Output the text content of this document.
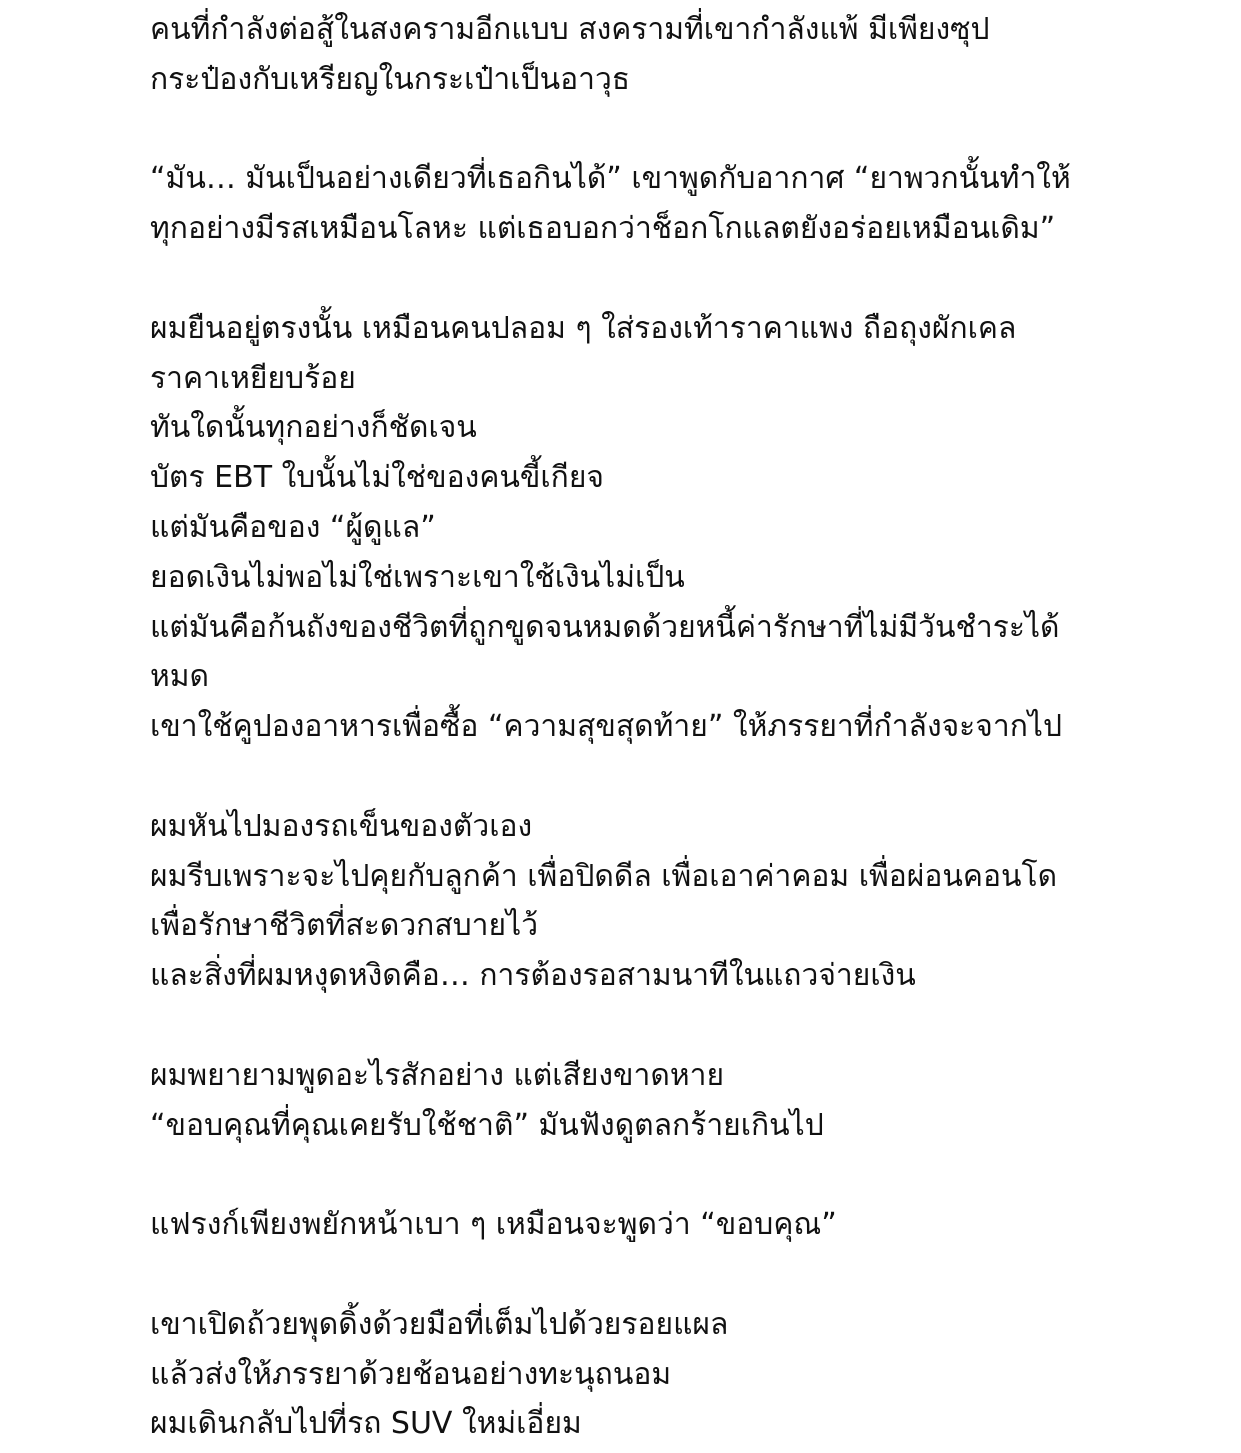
คนที่กำลังต่อสู้ในสงครามอีกแบบ สงครามที่เขากำลังแพ้ มีเพียงซุป
กระป๋องกับเหรียญในกระเป๋าเป็นอาวุธ
“มัน… มันเป็นอย่างเดียวที่เธอกินได้” เขาพูดกับอากาศ “ยาพวกนั้นทำให้
ทุกอย่างมีรสเหมือนโลหะ แต่เธอบอกว่าช็อกโกแลตยังอร่อยเหมือนเดิม”
ผมยืนอยู่ตรงนั้น เหมือนคนปลอม ๆ ใส่รองเท้าราคาแพง ถือถุงผักเคล
ราคาเหยียบร้อย
ทันใดนั้นทุกอย่างก็ชัดเจน
บัตร EBT ใบนั้นไม่ใช่ของคนขี้เกียจ
แต่มันคือของ “ผู้ดูแล”
ยอดเงินไม่พอไม่ใช่เพราะเขาใช้เงินไม่เป็น
แต่มันคือก้นถังของชีวิตที่ถูกขูดจนหมดด้วยหนี้ค่ารักษาที่ไม่มีวันชำระได้
หมด
เขาใช้คูปองอาหารเพื่อซื้อ “ความสุขสุดท้าย” ให้ภรรยาที่กำลังจะจากไป
ผมหันไปมองรถเข็นของตัวเอง
ผมรีบเพราะจะไปคุยกับลูกค้า เพื่อปิดดีล เพื่อเอาค่าคอม เพื่อผ่อนคอนโด
เพื่อรักษาชีวิตที่สะดวกสบายไว้
และสิ่งที่ผมหงุดหงิดคือ… การต้องรอสามนาทีในแถวจ่ายเงิน
ผมพยายามพูดอะไรสักอย่าง แต่เสียงขาดหาย
“ขอบคุณที่คุณเคยรับใช้ชาติ” มันฟังดูตลกร้ายเกินไป
แฟรงก์เพียงพยักหน้าเบา ๆ เหมือนจะพูดว่า “ขอบคุณ”
เขาเปิดถ้วยพุดดิ้งด้วยมือที่เต็มไปด้วยรอยแผล
แล้วส่งให้ภรรยาด้วยช้อนอย่างทะนุถนอม
ผมเดินกลับไปที่รถ SUV ใหม่เอี่ยม
